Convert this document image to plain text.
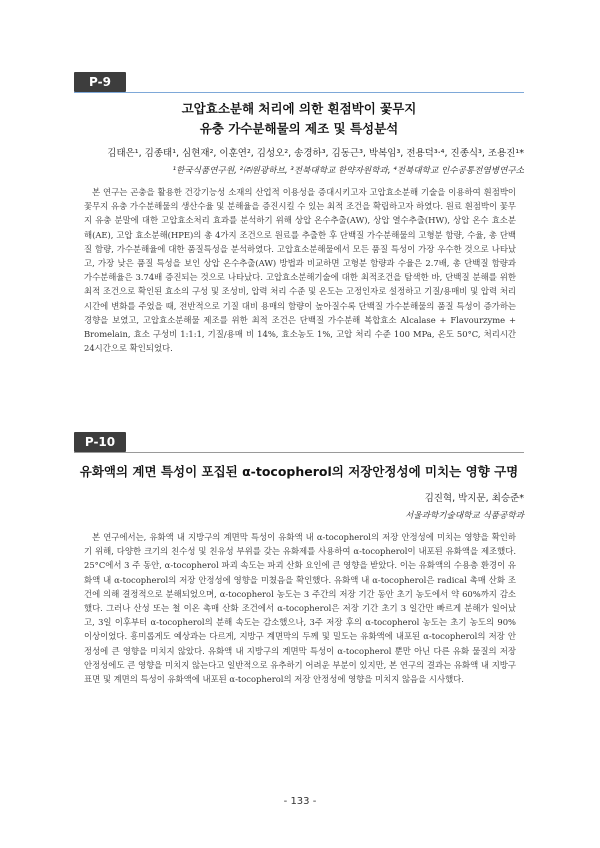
P-9
고압효소분해 처리에 의한 흰점박이 꽃무지
유충 가수분해물의 제조 및 특성분석
김태은¹, 김종태¹, 심현재², 이훈연², 김성오², 송경하³, 김동근³, 박복임³, 전용덕³·⁴, 진종식³, 조용진¹*
¹한국식품연구원, ²㈜원광하브, ³전북대학교 한약자원학과, ⁴전북대학교 인수공통전염병연구소
본 연구는 곤충을 활용한 건강기능성 소재의 산업적 이용성을 증대시키고자 고압효소분해 기술을 이용하여 흰점박이 꽃무지 유충 가수분해물의 생산수율 및 분해율을 증진시킬 수 있는 최적 조건을 확립하고자 하였다. 원료 흰점박이 꽃무지 유충 분말에 대한 고압효소처리 효과를 분석하기 위해 상압 온수추출(AW), 상압 열수추출(HW), 상압 온수 효소분해(AE), 고압 효소분해(HPE)의 총 4가지 조건으로 원료를 추출한 후 단백질 가수분해물의 고형분 함량, 수율, 총 단백질 함량, 가수분해율에 대한 품질특성을 분석하였다. 고압효소분해물에서 모든 품질 특성이 가장 우수한 것으로 나타났고, 가장 낮은 품질 특성을 보인 상압 온수추출(AW) 방법과 비교하면 고형분 함량과 수율은 2.7배, 총 단백질 함량과 가수분해율은 3.74배 증진되는 것으로 나타났다. 고압효소분해기술에 대한 최적조건을 탐색한 바, 단백질 분해를 위한 최적 조건으로 확인된 효소의 구성 및 조성비, 압력 처리 수준 및 온도는 고정인자로 설정하고 기질/용매비 및 압력 처리 시간에 변화를 주었을 때, 전반적으로 기질 대비 용매의 함량이 높아질수록 단백질 가수분해물의 품질 특성이 증가하는 경향을 보였고, 고압효소분해물 제조를 위한 최적 조건은 단백질 가수분해 복합효소 Alcalase + Flavourzyme + Bromelain, 효소 구성비 1:1:1, 기질/용매 비 14%, 효소농도 1%, 고압 처리 수준 100 MPa, 온도 50°C, 처리시간 24시간으로 확인되었다.
P-10
유화액의 계면 특성이 포집된 α-tocopherol의 저장안정성에 미치는 영향 구명
김진혁, 박지문, 최승준*
서울과학기술대학교 식품공학과
본 연구에서는, 유화액 내 지방구의 계면막 특성이 유화액 내 α-tocopherol의 저장 안정성에 미치는 영향을 확인하기 위해, 다양한 크기의 친수성 및 친유성 부위를 갖는 유화제를 사용하여 α-tocopherol이 내포된 유화액을 제조했다. 25°C에서 3 주 동안, α-tocopherol 파괴 속도는 파괴 산화 요인에 큰 영향을 받았다. 이는 유화액의 수용층 환경이 유화액 내 α-tocopherol의 저장 안정성에 영향을 미쳤음을 확인했다. 유화액 내 α-tocopherol은 radical 촉매 산화 조건에 의해 결정적으로 분해되었으며, α-tocopherol 농도는 3 주간의 저장 기간 동안 초기 농도에서 약 60%까지 감소했다. 그러나 산성 또는 철 이온 촉매 산화 조건에서 α-tocopherol은 저장 기간 초기 3 일간만 빠르게 분해가 일어났고, 3일 이후부터 α-tocopherol의 분해 속도는 감소했으나, 3주 저장 후의 α-tocopherol 농도는 초기 농도의 90% 이상이었다. 흥미롭게도 예상과는 다르게, 지방구 계면막의 두께 및 밀도는 유화액에 내포된 α-tocopherol의 저장 안정성에 큰 영향을 미치지 않았다. 유화액 내 지방구의 계면막 특성이 α-tocopherol 뿐만 아닌 다른 유화 물질의 저장 안정성에도 큰 영향을 미치지 않는다고 일반적으로 유추하기 어려운 부분이 있지만, 본 연구의 결과는 유화액 내 지방구 표면 및 계면의 특성이 유화액에 내포된 α-tocopherol의 저장 안정성에 영향을 미치지 않음을 시사했다.
- 133 -
